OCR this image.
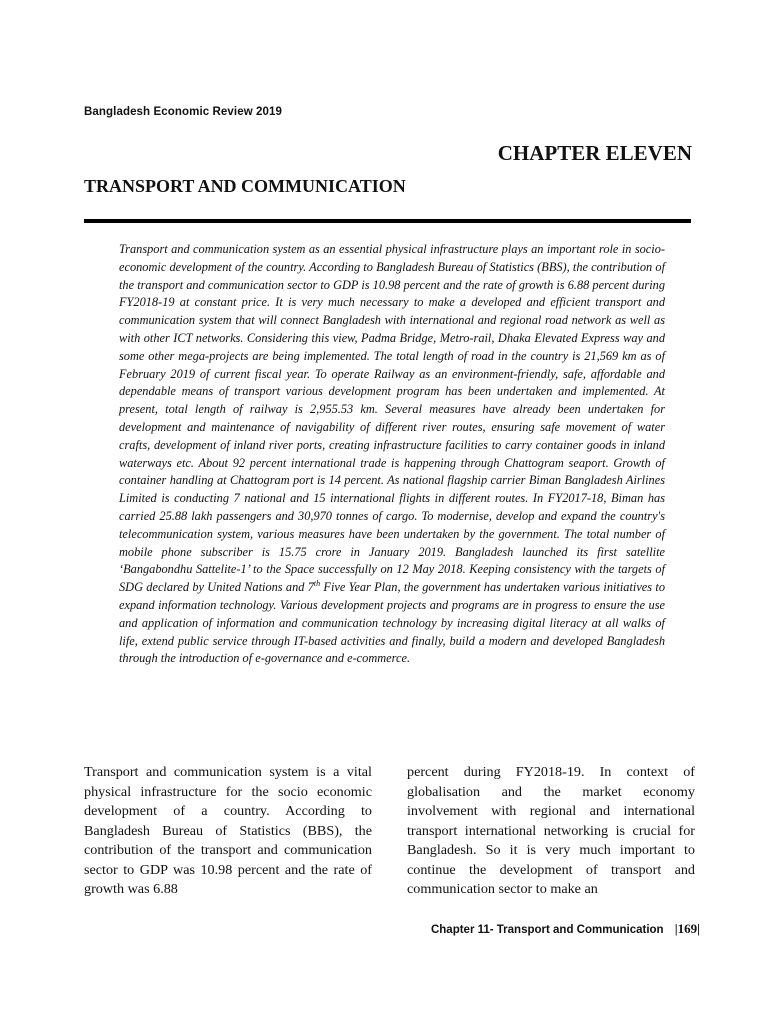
Bangladesh Economic Review 2019
CHAPTER ELEVEN
TRANSPORT AND COMMUNICATION

Transport and communication system as an essential physical infrastructure plays an important role in socio-economic development of the country. According to Bangladesh Bureau of Statistics (BBS), the contribution of the transport and communication sector to GDP is 10.98 percent and the rate of growth is 6.88 percent during FY2018-19 at constant price. It is very much necessary to make a developed and efficient transport and communication system that will connect Bangladesh with international and regional road network as well as with other ICT networks. Considering this view, Padma Bridge, Metro-rail, Dhaka Elevated Express way and some other mega-projects are being implemented. The total length of road in the country is 21,569 km as of February 2019 of current fiscal year. To operate Railway as an environment-friendly, safe, affordable and dependable means of transport various development program has been undertaken and implemented. At present, total length of railway is 2,955.53 km. Several measures have already been undertaken for development and maintenance of navigability of different river routes, ensuring safe movement of water crafts, development of inland river ports, creating infrastructure facilities to carry container goods in inland waterways etc. About 92 percent international trade is happening through Chattogram seaport. Growth of container handling at Chattogram port is 14 percent. As national flagship carrier Biman Bangladesh Airlines Limited is conducting 7 national and 15 international flights in different routes. In FY2017-18, Biman has carried 25.88 lakh passengers and 30,970 tonnes of cargo. To modernise, develop and expand the country's telecommunication system, various measures have been undertaken by the government. The total number of mobile phone subscriber is 15.75 crore in January 2019. Bangladesh launched its first satellite ‘Bangabondhu Sattelite-1’ to the Space successfully on 12 May 2018. Keeping consistency with the targets of SDG declared by United Nations and 7th Five Year Plan, the government has undertaken various initiatives to expand information technology. Various development projects and programs are in progress to ensure the use and application of information and communication technology by increasing digital literacy at all walks of life, extend public service through IT-based activities and finally, build a modern and developed Bangladesh through the introduction of e-governance and e-commerce.

Transport and communication system is a vital physical infrastructure for the socio economic development of a country. According to Bangladesh Bureau of Statistics (BBS), the contribution of the transport and communication sector to GDP was 10.98 percent and the rate of growth was 6.88

percent during FY2018-19. In context of globalisation and the market economy involvement with regional and international transport international networking is crucial for Bangladesh. So it is very much important to continue the development of transport and communication sector to make an

Chapter 11- Transport and Communication |169|
